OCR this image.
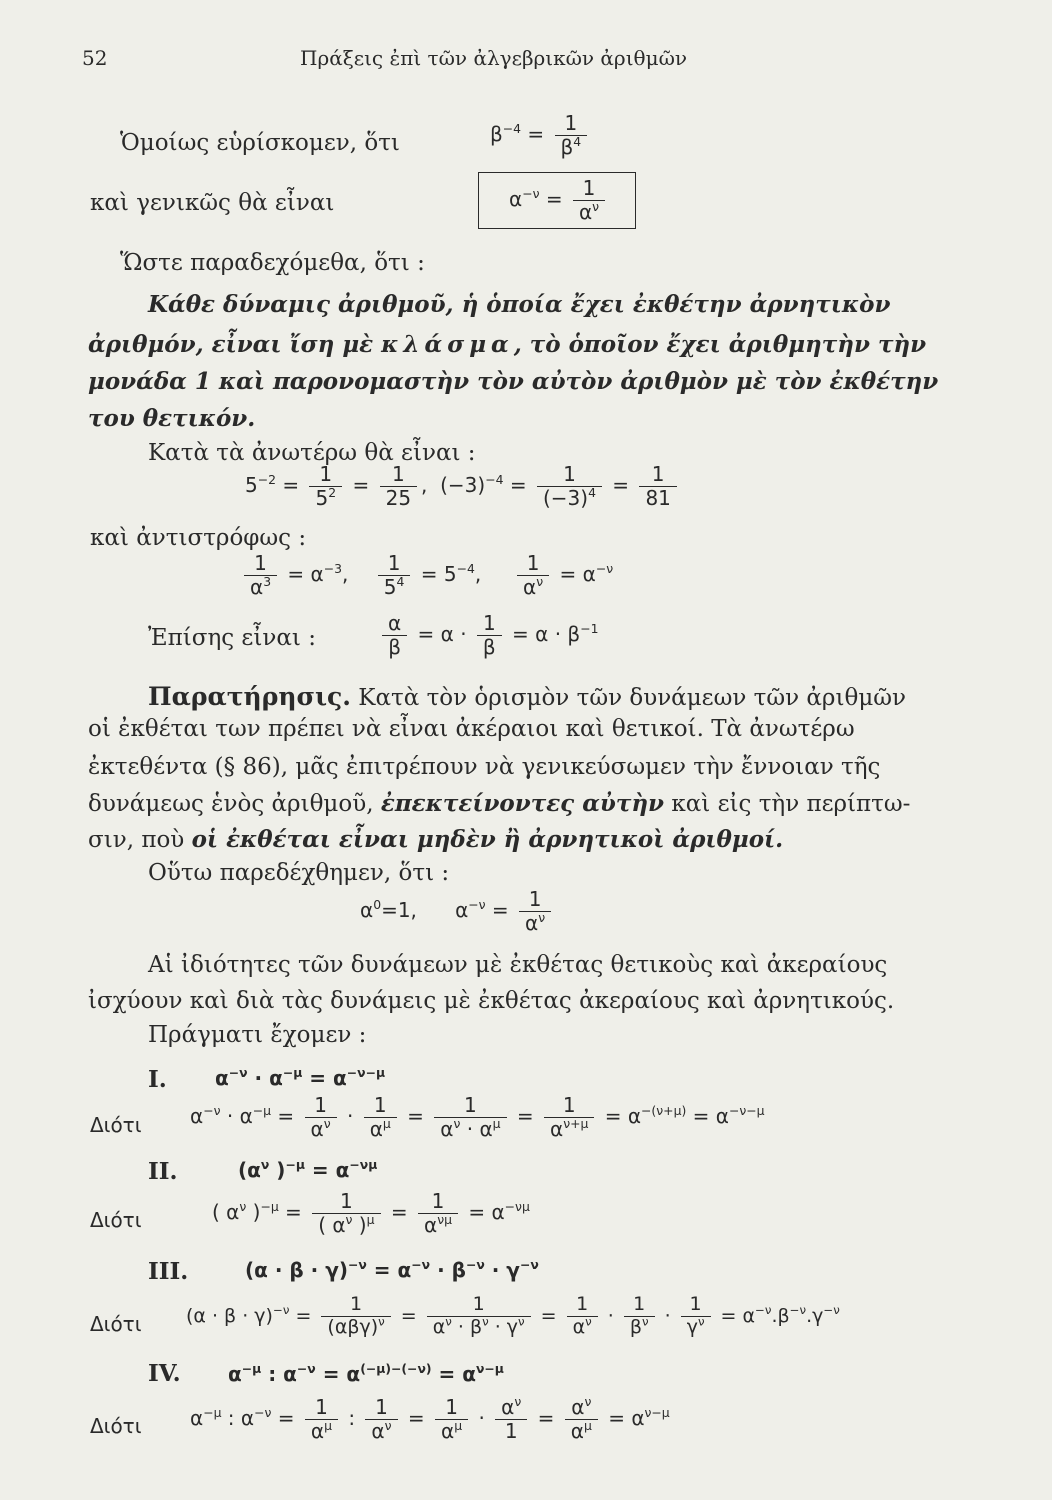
52	Πράξεις ἐπὶ τῶν ἀλγεβρικῶν ἀριθμῶν
Ὁμοίως εὑρίσκομεν, ὅτι	$\beta^{-4} = \frac{1}{\beta^4}$
καὶ γενικῶς θὰ εἶναι	$\alpha^{-\nu} = \frac{1}{\alpha^\nu}$
Ὥστε παραδεχόμεθα, ὅτι :
Κάθε δύναμις ἀριθμοῦ, ἡ ὁποία ἔχει ἐκθέτην ἀρνητικὸν
ἀριθμόν, εἶναι ἴση μὲ κλάσμα, τὸ ὁποῖον ἔχει ἀριθμητὴν τὴν
μονάδα 1 καὶ παρονομαστὴν τὸν αὐτὸν ἀριθμὸν μὲ τὸν ἐκθέτην
του θετικόν.
Κατὰ τὰ ἀνωτέρω θὰ εἶναι :
$5^{-2} = \frac{1}{5^2} = \frac{1}{25}$ ,  $(-3)^{-4} = \frac{1}{(-3)^4} = \frac{1}{81}$
καὶ ἀντιστρόφως :
$\frac{1}{\alpha^3} = \alpha^{-3}$, $\frac{1}{5^4} = 5^{-4}$, $\frac{1}{\alpha^\nu} = \alpha^{-\nu}$
Ἐπίσης εἶναι :	$\frac{\alpha}{\beta} = \alpha \cdot \frac{1}{\beta} = \alpha \cdot \beta^{-1}$
Παρατήρησις. Κατὰ τὸν ὁρισμὸν τῶν δυνάμεων τῶν ἀριθμῶν
οἱ ἐκθέται των πρέπει νὰ εἶναι ἀκέραιοι καὶ θετικοί. Τὰ ἀνωτέρω
ἐκτεθέντα (§ 86), μᾶς ἐπιτρέπουν νὰ γενικεύσωμεν τὴν ἔννοιαν τῆς
δυνάμεως ἑνὸς ἀριθμοῦ, ἐπεκτείνοντες αὐτὴν καὶ εἰς τὴν περίπτω-
σιν, ποὺ οἱ ἐκθέται εἶναι μηδὲν ἢ ἀρνητικοὶ ἀριθμοί.
Οὕτω παρεδέχθημεν, ὅτι :
$\alpha^0=1$,      $\alpha^{-\nu} = \frac{1}{\alpha^\nu}$
Αἱ ἰδιότητες τῶν δυνάμεων μὲ ἐκθέτας θετικοὺς καὶ ἀκεραίους
ἰσχύουν καὶ διὰ τὰς δυνάμεις μὲ ἐκθέτας ἀκεραίους καὶ ἀρνητικούς.
Πράγματι ἔχομεν :
I. $\alpha^{-\nu} \cdot \alpha^{-\mu} = \alpha^{-\nu-\mu}$
Διότι $\alpha^{-\nu} \cdot \alpha^{-\mu} = \frac{1}{\alpha^\nu} \cdot \frac{1}{\alpha^\mu} = \frac{1}{\alpha^\nu \cdot \alpha^\mu} = \frac{1}{\alpha^{\nu+\mu}} = \alpha^{-(\nu+\mu)} = \alpha^{-\nu-\mu}$
II.	($\alpha^\nu$ )$^{-\mu} = \alpha^{-\nu\mu}$
Διότι	( $\alpha^\nu$ )$^{-\mu} = \frac{1}{( \alpha^\nu )^\mu} = \frac{1}{\alpha^{\nu\mu}} = \alpha^{-\nu\mu}$
III.	$(\alpha \cdot \beta \cdot \gamma)^{-\nu} = \alpha^{-\nu} \cdot \beta^{-\nu} \cdot \gamma^{-\nu}$
Διότι $(\alpha \cdot \beta \cdot \gamma)^{-\nu} = \frac{1}{(\alpha\beta\gamma)^\nu} = \frac{1}{\alpha^\nu \cdot \beta^\nu \cdot \gamma^\nu} = \frac{1}{\alpha^\nu} \cdot \frac{1}{\beta^\nu} \cdot \frac{1}{\gamma^\nu} = \alpha^{-\nu}.\beta^{-\nu}.\gamma^{-\nu}$
IV. $\alpha^{-\mu}$ : $\alpha^{-\nu} = \alpha^{(-\mu)-(-\nu)} = \alpha^{\nu-\mu}$
Διότι $\alpha^{-\mu}$ : $\alpha^{-\nu} = \frac{1}{\alpha^\mu}$ : $\frac{1}{\alpha^\nu} = \frac{1}{\alpha^\mu} \cdot \frac{\alpha^\nu}{1} = \frac{\alpha^\nu}{\alpha^\mu} = \alpha^{\nu-\mu}$
